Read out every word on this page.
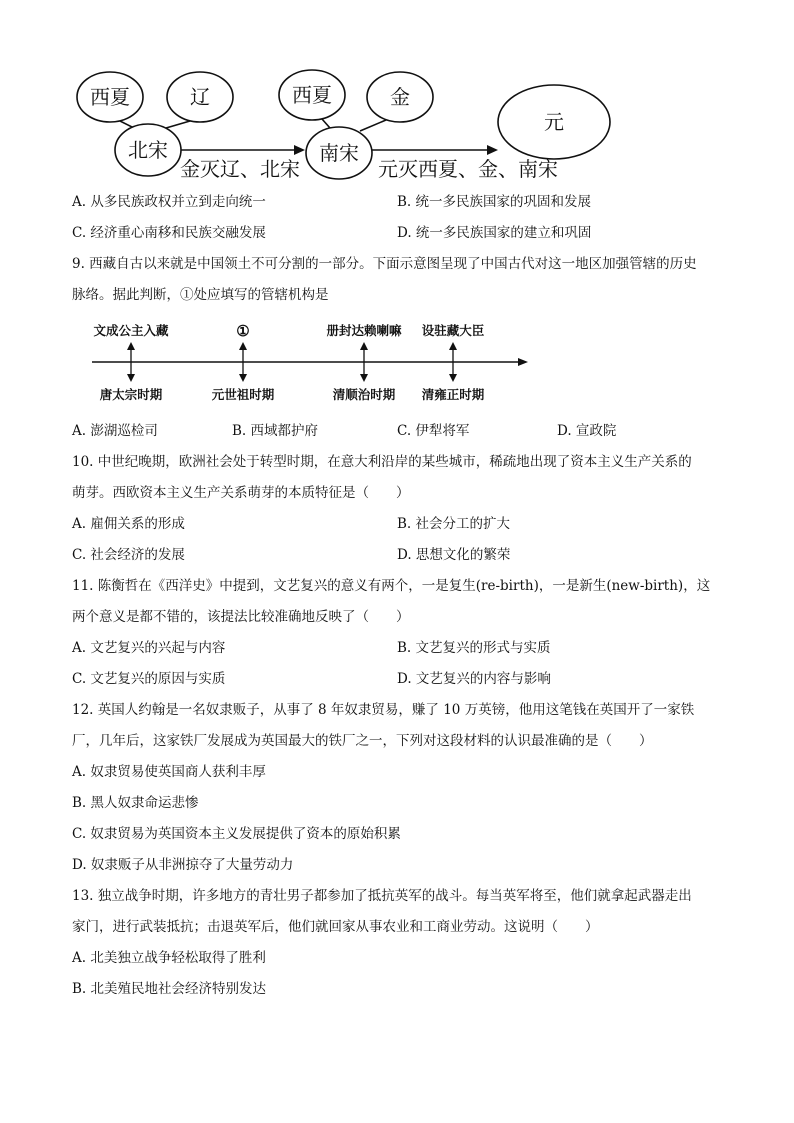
西夏	辽
北宋
西夏	金
南宋
元
金灭辽、北宋	元灭西夏、金、南宋
A. 从多民族政权并立到走向统一	B. 统一多民族国家的巩固和发展
C. 经济重心南移和民族交融发展	D. 统一多民族国家的建立和巩固
9. 西藏自古以来就是中国领土不可分割的一部分。下面示意图呈现了中国古代对这一地区加强管辖的历史
脉络。据此判断，①处应填写的管辖机构是
文成公主入藏	①	册封达赖喇嘛 设驻藏大臣
唐太宗时期	元世祖时期	清顺治时期 清雍正时期
A. 澎湖巡检司	B. 西域都护府	C. 伊犁将军	D. 宣政院
10. 中世纪晚期，欧洲社会处于转型时期，在意大利沿岸的某些城市，稀疏地出现了资本主义生产关系的
萌芽。西欧资本主义生产关系萌芽的本质特征是（　　）
A. 雇佣关系的形成	B. 社会分工的扩大
C. 社会经济的发展	D. 思想文化的繁荣
11. 陈衡哲在《西洋史》中提到，文艺复兴的意义有两个，一是复生(re-birth)，一是新生(new-birth)，这
两个意义是都不错的，该提法比较准确地反映了（　　）
A. 文艺复兴的兴起与内容	B. 文艺复兴的形式与实质
C. 文艺复兴的原因与实质	D. 文艺复兴的内容与影响
12. 英国人约翰是一名奴隶贩子，从事了 8 年奴隶贸易，赚了 10 万英镑，他用这笔钱在英国开了一家铁
厂，几年后，这家铁厂发展成为英国最大的铁厂之一，下列对这段材料的认识最准确的是（　　）
A. 奴隶贸易使英国商人获利丰厚
B. 黑人奴隶命运悲惨
C. 奴隶贸易为英国资本主义发展提供了资本的原始积累
D. 奴隶贩子从非洲掠夺了大量劳动力
13. 独立战争时期，许多地方的青壮男子都参加了抵抗英军的战斗。每当英军将至，他们就拿起武器走出
家门，进行武装抵抗；击退英军后，他们就回家从事农业和工商业劳动。这说明（　　）
A. 北美独立战争轻松取得了胜利
B. 北美殖民地社会经济特别发达
